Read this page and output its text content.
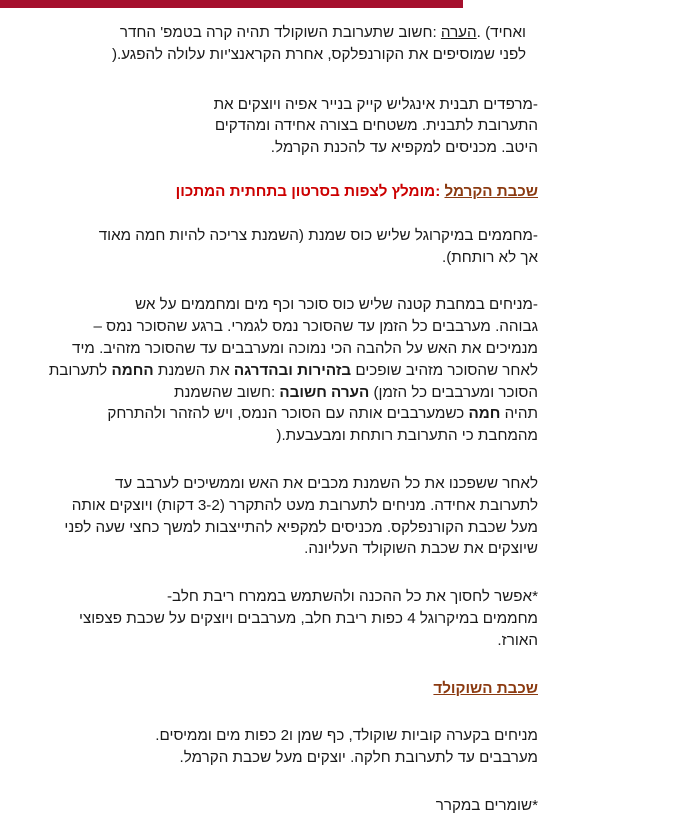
ואחיד) .הערה :חשוב שתערובת השוקולד תהיה קרה בטמפ' החדר
לפני שמוסיפים את הקורנפלקס, אחרת הקראנצ'יות עלולה להפגע.(

-מרפדים תבנית אינגליש קייק בנייר אפיה ויוצקים את
התערובת לתבנית. משטחים בצורה אחידה ומהדקים
היטב. מכניסים למקפיא עד להכנת הקרמל.

שכבת הקרמל :מומלץ לצפות בסרטון בתחתית המתכון

-מחממים במיקרוגל שליש כוס שמנת (השמנת צריכה להיות חמה מאוד
אך לא רותחת).

-מניחים במחבת קטנה שליש כוס סוכר וכף מים ומחממים על אש
גבוהה. מערבבים כל הזמן עד שהסוכר נמס לגמרי. ברגע שהסוכר נמס –
מנמיכים את האש על הלהבה הכי נמוכה ומערבבים עד שהסוכר מזהיב. מיד
לאחר שהסוכר מזהיב שופכים בזהירות ובהדרגה את השמנת החמה לתערובת
הסוכר ומערבבים כל הזמן) הערה חשובה :חשוב שהשמנת
תהיה חמה כשמערבבים אותה עם הסוכר הנמס, ויש להזהר ולהתרחק
מהמחבת כי התערובת רותחת ומבעבעת.(

לאחר ששפכנו את כל השמנת מכבים את האש וממשיכים לערבב עד
לתערובת אחידה. מניחים לתערובת מעט להתקרר (3-2 דקות) ויוצקים אותה
מעל שכבת הקורנפלקס. מכניסים למקפיא להתייצבות למשך כחצי שעה לפני
שיוצקים את שכבת השוקולד העליונה.

*אפשר לחסוך את כל ההכנה ולהשתמש בממרח ריבת חלב-
מחממים במיקרוגל 4 כפות ריבת חלב, מערבבים ויוצקים על שכבת פצפוצי
האורז.

שכבת השוקולד

מניחים בקערה קוביות שוקולד, כף שמן ו2 כפות מים וממיסים.
מערבבים עד לתערובת חלקה. יוצקים מעל שכבת הקרמל.

*שומרים במקרר
